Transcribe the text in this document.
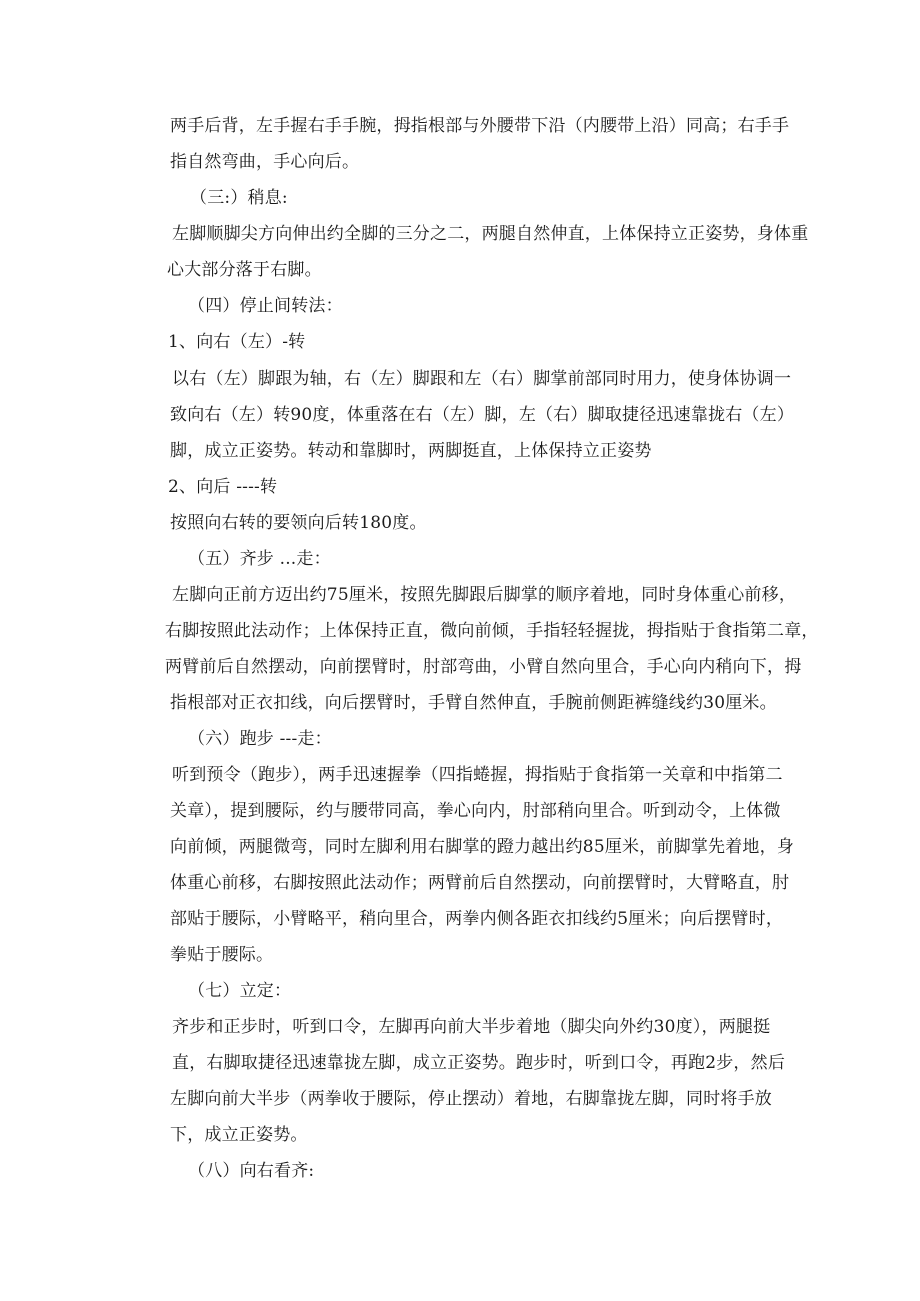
两手后背，左手握右手手腕，拇指根部与外腰带下沿（内腰带上沿）同高；右手手
指自然弯曲，手心向后。
（三:）稍息:
左脚顺脚尖方向伸出约全脚的三分之二，两腿自然伸直，上体保持立正姿势，身体重
心大部分落于右脚。
（四）停止间转法：
1、向右（左）-转
以右（左）脚跟为轴，右（左）脚跟和左（右）脚掌前部同时用力，使身体协调一
致向右（左）转90度，体重落在右（左）脚，左（右）脚取捷径迅速靠拢右（左）
脚，成立正姿势。转动和靠脚时，两脚挺直，上体保持立正姿势
2、向后 ----转
按照向右转的要领向后转180度。
（五）齐步 ...走：
左脚向正前方迈出约75厘米，按照先脚跟后脚掌的顺序着地，同时身体重心前移，
右脚按照此法动作；上体保持正直，微向前倾，手指轻轻握拢，拇指贴于食指第二章，
两臂前后自然摆动，向前摆臂时，肘部弯曲，小臂自然向里合，手心向内稍向下，拇
指根部对正衣扣线，向后摆臂时，手臂自然伸直，手腕前侧距裤缝线约30厘米。
（六）跑步 ---走：
听到预令（跑步），两手迅速握拳（四指蜷握，拇指贴于食指第一关章和中指第二
关章），提到腰际，约与腰带同高，拳心向内，肘部稍向里合。听到动令，上体微
向前倾，两腿微弯，同时左脚利用右脚掌的蹬力越出约85厘米，前脚掌先着地，身
体重心前移，右脚按照此法动作；两臂前后自然摆动，向前摆臂时，大臂略直，肘
部贴于腰际，小臂略平，稍向里合，两拳内侧各距衣扣线约5厘米；向后摆臂时，
拳贴于腰际。
（七）立定：
齐步和正步时，听到口令，左脚再向前大半步着地（脚尖向外约30度），两腿挺
直，右脚取捷径迅速靠拢左脚，成立正姿势。跑步时，听到口令，再跑2步，然后
左脚向前大半步（两拳收于腰际，停止摆动）着地，右脚靠拢左脚，同时将手放
下，成立正姿势。
（八）向右看齐:
